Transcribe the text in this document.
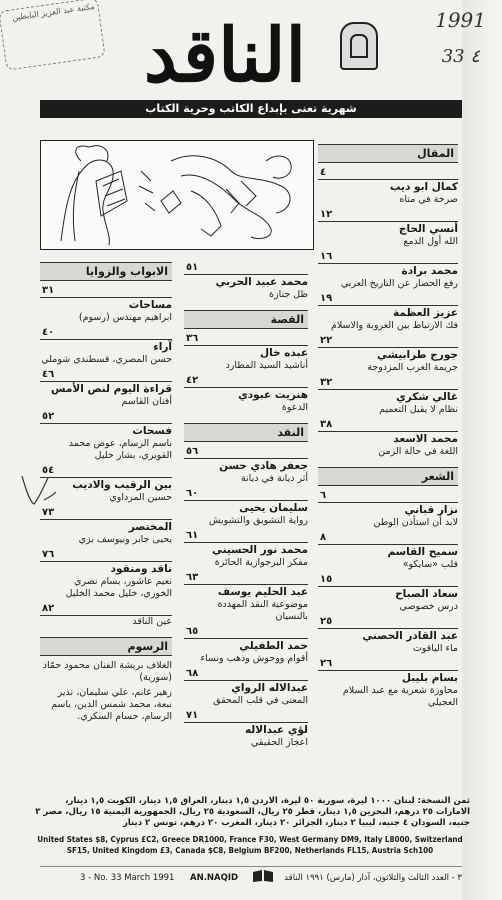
مكتبة عبد العزيز البابطين	1991
33 ٤
الناقد
شهرية تعنى بإبداع الكاتب وحرية الكتاب
المقال
٤
كمال ابو ديب
صرخة في متاه
١٢
أنسي الحاج
الله أول الدمع
١٦
محمد برادة
رفع الحصار عن التاريخ العربي
١٩
عزيز العظمة
فك الارتباط بين العروبة والاسلام
٢٢
جورج طرابيشي
جريمة الغرب المزدوجة
٣٢
غالي شكري
نظام لا يقبل التعميم
٣٨
محمد الاسعد
اللغة في حالة الزمن
الشعر
٦
نزار قباني
لابد أن استأذن الوطن
٨
سميح القاسم
قلب «سايكو»
١٥
سعاد الصباح
درس خصوصي
٢٥
عبد القادر الحصني
ماء الياقوت
٢٦
بسام بليبل
محاورة شعرية مع عبد السلام العجيلي
٥١
محمد عبيد الحربي
ظل جنازة
القصة
٣٦
عبده خال
أناشيد السيد المطارد
٤٢
هنريت عبودي
الدعوة
النقد
٥٦
جعفر هادي حسن
أثر ديانة في ديانة
٦٠
سليمان يحيى
رواية التشويق والتشويش
٦١
محمد نور الحسيني
مفكر البرجوازية الحائرة
٦٣
عبد الحليم يوسف
موضوعية النقد المهددة بالنسيان
٦٥
حمد الطفيلي
أقوام ووحوش وذهب ونساء
٦٨
عبدالاله الرواي
المعنى في قلب المحقق
٧١
لؤي عبدالاله
اعجاز الحقيقي
الابواب والزوايا
٣١
مساحات
ابراهيم مهندس (رسوم)
٤٠
آراء
حسن المصري، قسطندي شوملي
٤٦
قراءة اليوم لنص الأمس
أفنان القاسم
٥٢
فسحات
باسم الرسام، عوض محمد القويري، بشار خليل
٥٤
بين الرقيب والاديب
حسين المرداوي
٧٣
المختصر
يحيى جابر وبيوسف بزي
٧٦
ناقد ومنقود
نعيم عاشور، بسام نصري الخوري، خليل محمد الخليل
٨٢
عين الناقد
الرسوم
الغلاف بريشة الفنان محمود حمّاد (سورية)
زهير غانم، علي سليمان، نذير نبعة، محمد شمس الدين، باسم الرسام، حسام السكري.
ثمن النسخة: لبنان ١٠٠٠ ليرة، سورية ٥٠ ليرة، الاردن ١,٥ دينار، العراق ١,٥ دينار، الكويت ١,٥ دينار، الامارات ٢٥ درهم، البحرين ١,٥ دينار، قطر ٢٥ ريال، السعودية ٢٥ ريال، الجمهورية اليمنية ١٥ ريال، مصر ٣ جنيه، السودان ٤ جنيه، ليبيا ٢ دينار، الجزائر ٢٠ دينار، المغرب ٢٠ درهم، تونس ٢ دينار
United States $8, Cyprus £C2, Greece DR1000, France F30, West Germany DM9, Italy L8000, Switzerland SF15, United Kingdom £3, Canada $C8, Belgium BF200, Netherlands FL15, Austria Sch100
3 - No. 33 March 1991 AN.NAQID	٣ - العدد الثالث والثلاثون، آذار (مارس) ١٩٩١ الناقد
